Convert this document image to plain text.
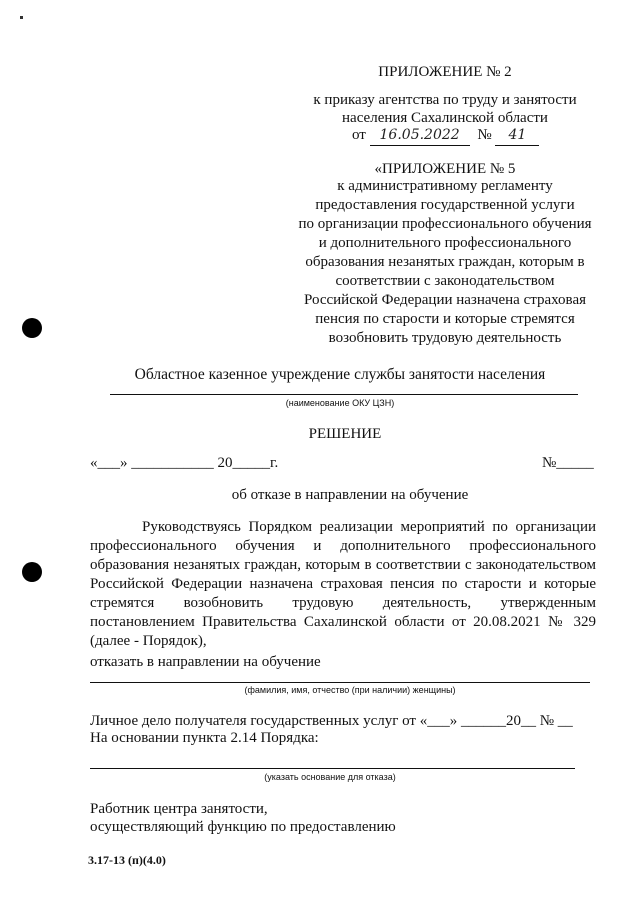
ПРИЛОЖЕНИЕ № 2
к приказу агентства по труду и занятости
населения Сахалинской области
от 16.05.2022 № 41
«ПРИЛОЖЕНИЕ № 5
к административному регламенту
предоставления государственной услуги
по организации профессионального обучения
и дополнительного профессионального
образования незанятых граждан, которым в
соответствии с законодательством
Российской Федерации назначена страховая
пенсия по старости и которые стремятся
возобновить трудовую деятельность
Областное казенное учреждение службы занятости населения
(наименование ОКУ ЦЗН)
РЕШЕНИЕ
«___» ___________ 20_____г.	№_____
об отказе в направлении на обучение
Руководствуясь Порядком реализации мероприятий по организации
профессионального обучения и дополнительного профессионального
образования незанятых граждан, которым в соответствии с законодательством
Российской Федерации назначена страховая пенсия по старости и которые
стремятся возобновить трудовую деятельность, утвержденным
постановлением Правительства Сахалинской области от 20.08.2021 № 329
(далее - Порядок),
отказать в направлении на обучение
(фамилия, имя, отчество (при наличии) женщины)
Личное дело получателя государственных услуг от «___» ______20__ № __
На основании пункта 2.14 Порядка:
(указать основание для отказа)
Работник центра занятости,
осуществляющий функцию по предоставлению
3.17-13 (п)(4.0)
